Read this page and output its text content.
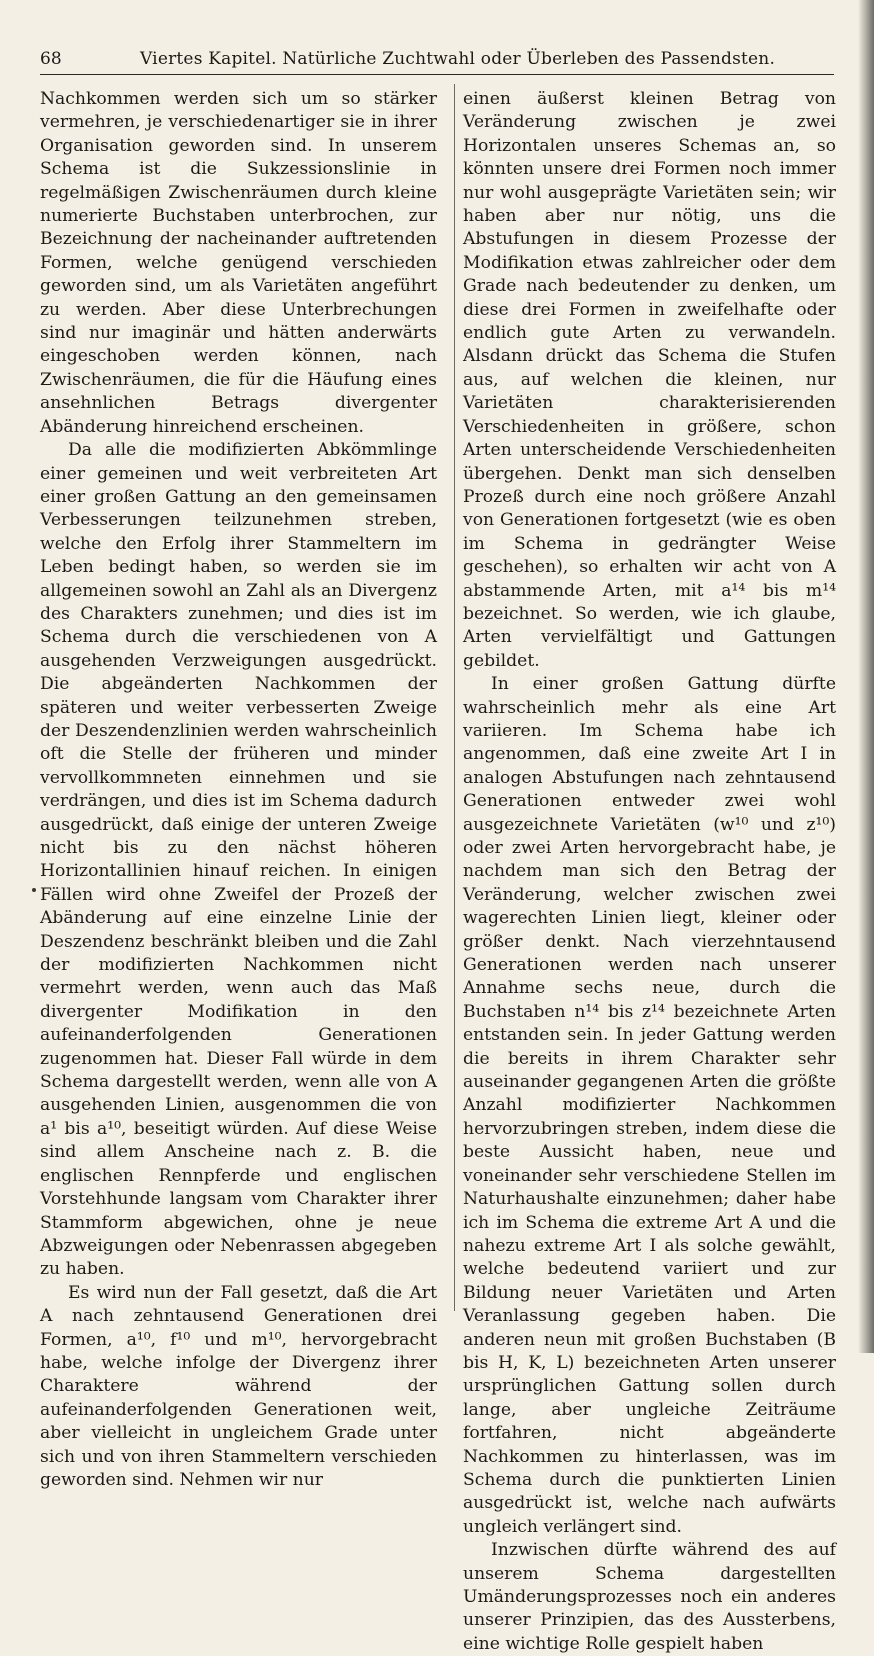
68	Viertes Kapitel. Natürliche Zuchtwahl oder Überleben des Passendsten.

Nachkommen werden sich um so stärker vermehren, je verschiedenartiger sie in ihrer Organisation geworden sind. In unserem Schema ist die Sukzessionslinie in regelmäßigen Zwischenräumen durch kleine numerierte Buchstaben unterbrochen, zur Bezeichnung der nacheinander auftretenden Formen, welche genügend verschieden geworden sind, um als Varietäten angeführt zu werden. Aber diese Unterbrechungen sind nur imaginär und hätten anderwärts eingeschoben werden können, nach Zwischenräumen, die für die Häufung eines ansehnlichen Betrags divergenter Abänderung hinreichend erscheinen.

Da alle die modifizierten Abkömmlinge einer gemeinen und weit verbreiteten Art einer großen Gattung an den gemeinsamen Verbesserungen teilzunehmen streben, welche den Erfolg ihrer Stammeltern im Leben bedingt haben, so werden sie im allgemeinen sowohl an Zahl als an Divergenz des Charakters zunehmen; und dies ist im Schema durch die verschiedenen von A ausgehenden Verzweigungen ausgedrückt. Die abgeänderten Nachkommen der späteren und weiter verbesserten Zweige der Deszendenzlinien werden wahrscheinlich oft die Stelle der früheren und minder vervollkommneten einnehmen und sie verdrängen, und dies ist im Schema dadurch ausgedrückt, daß einige der unteren Zweige nicht bis zu den nächst höheren Horizontallinien hinauf reichen. In einigen Fällen wird ohne Zweifel der Prozeß der Abänderung auf eine einzelne Linie der Deszendenz beschränkt bleiben und die Zahl der modifizierten Nachkommen nicht vermehrt werden, wenn auch das Maß divergenter Modifikation in den aufeinanderfolgenden Generationen zugenommen hat. Dieser Fall würde in dem Schema dargestellt werden, wenn alle von A ausgehenden Linien, ausgenommen die von a¹ bis a¹⁰, beseitigt würden. Auf diese Weise sind allem Anscheine nach z. B. die englischen Rennpferde und englischen Vorstehhunde langsam vom Charakter ihrer Stammform abgewichen, ohne je neue Abzweigungen oder Nebenrassen abgegeben zu haben.

Es wird nun der Fall gesetzt, daß die Art A nach zehntausend Generationen drei Formen, a¹⁰, f¹⁰ und m¹⁰, hervorgebracht habe, welche infolge der Divergenz ihrer Charaktere während der aufeinanderfolgenden Generationen weit, aber vielleicht in ungleichem Grade unter sich und von ihren Stammeltern verschieden geworden sind. Nehmen wir nur

einen äußerst kleinen Betrag von Veränderung zwischen je zwei Horizontalen unseres Schemas an, so könnten unsere drei Formen noch immer nur wohl ausgeprägte Varietäten sein; wir haben aber nur nötig, uns die Abstufungen in diesem Prozesse der Modifikation etwas zahlreicher oder dem Grade nach bedeutender zu denken, um diese drei Formen in zweifelhafte oder endlich gute Arten zu verwandeln. Alsdann drückt das Schema die Stufen aus, auf welchen die kleinen, nur Varietäten charakterisierenden Verschiedenheiten in größere, schon Arten unterscheidende Verschiedenheiten übergehen. Denkt man sich denselben Prozeß durch eine noch größere Anzahl von Generationen fortgesetzt (wie es oben im Schema in gedrängter Weise geschehen), so erhalten wir acht von A abstammende Arten, mit a¹⁴ bis m¹⁴ bezeichnet. So werden, wie ich glaube, Arten vervielfältigt und Gattungen gebildet.

In einer großen Gattung dürfte wahrscheinlich mehr als eine Art variieren. Im Schema habe ich angenommen, daß eine zweite Art I in analogen Abstufungen nach zehntausend Generationen entweder zwei wohl ausgezeichnete Varietäten (w¹⁰ und z¹⁰) oder zwei Arten hervorgebracht habe, je nachdem man sich den Betrag der Veränderung, welcher zwischen zwei wagerechten Linien liegt, kleiner oder größer denkt. Nach vierzehntausend Generationen werden nach unserer Annahme sechs neue, durch die Buchstaben n¹⁴ bis z¹⁴ bezeichnete Arten entstanden sein. In jeder Gattung werden die bereits in ihrem Charakter sehr auseinander gegangenen Arten die größte Anzahl modifizierter Nachkommen hervorzubringen streben, indem diese die beste Aussicht haben, neue und voneinander sehr verschiedene Stellen im Naturhaushalte einzunehmen; daher habe ich im Schema die extreme Art A und die nahezu extreme Art I als solche gewählt, welche bedeutend variiert und zur Bildung neuer Varietäten und Arten Veranlassung gegeben haben. Die anderen neun mit großen Buchstaben (B bis H, K, L) bezeichneten Arten unserer ursprünglichen Gattung sollen durch lange, aber ungleiche Zeiträume fortfahren, nicht abgeänderte Nachkommen zu hinterlassen, was im Schema durch die punktierten Linien ausgedrückt ist, welche nach aufwärts ungleich verlängert sind.

Inzwischen dürfte während des auf unserem Schema dargestellten Umänderungsprozesses noch ein anderes unserer Prinzipien, das des Aussterbens, eine wichtige Rolle gespielt haben
